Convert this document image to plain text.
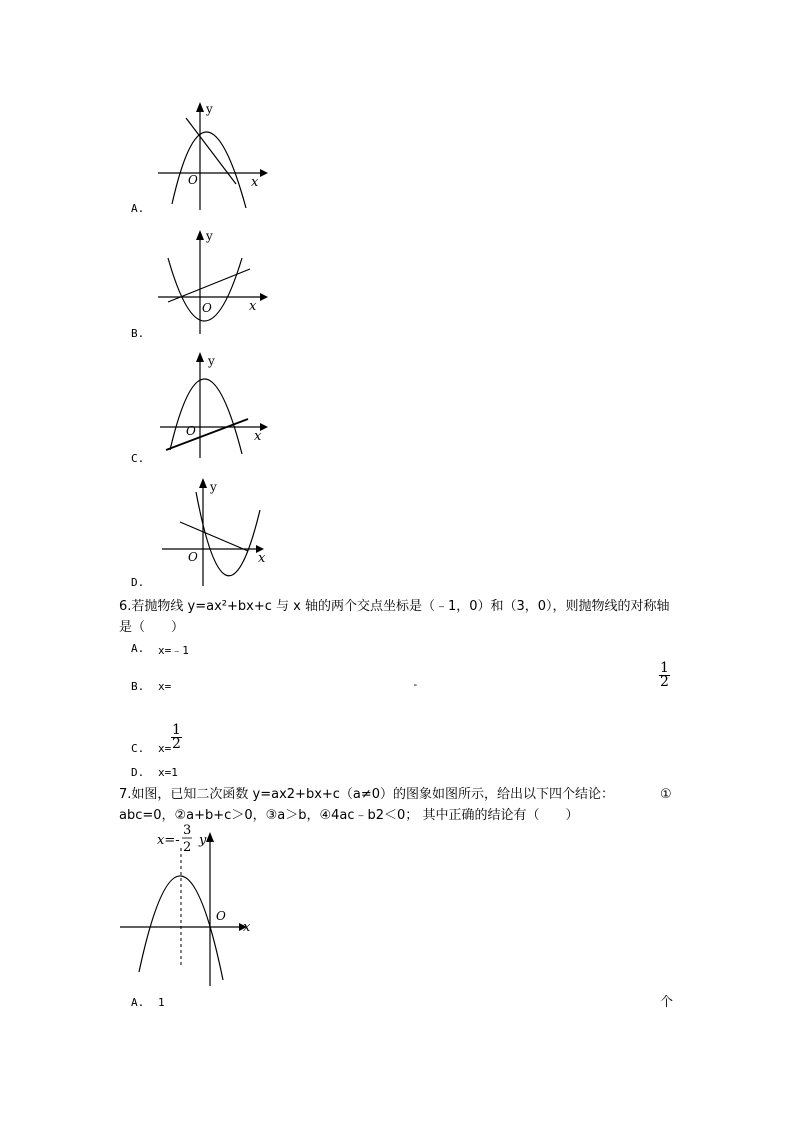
y
x
O
A.
y
x
O
B.
y
x
O
C.
y
x
O
D.
6.若抛物线 y=ax²+bx+c 与 x 轴的两个交点坐标是（﹣1，0）和（3，0），则抛物线的对称轴
是（　　）
A. x=﹣1
B. x=	-	$\frac{1}{2}$
C. $x= \frac{1}{2}$
D. x=1
7.如图，已知二次函数 y=ax2+bx+c（a≠0）的图象如图所示，给出以下四个结论：	①
abc=0，②a+b+c＞0，③a＞b，④4ac﹣b2＜0； 其中正确的结论有（　　）
x=-
3
2 y
O
x
A. 1	个
